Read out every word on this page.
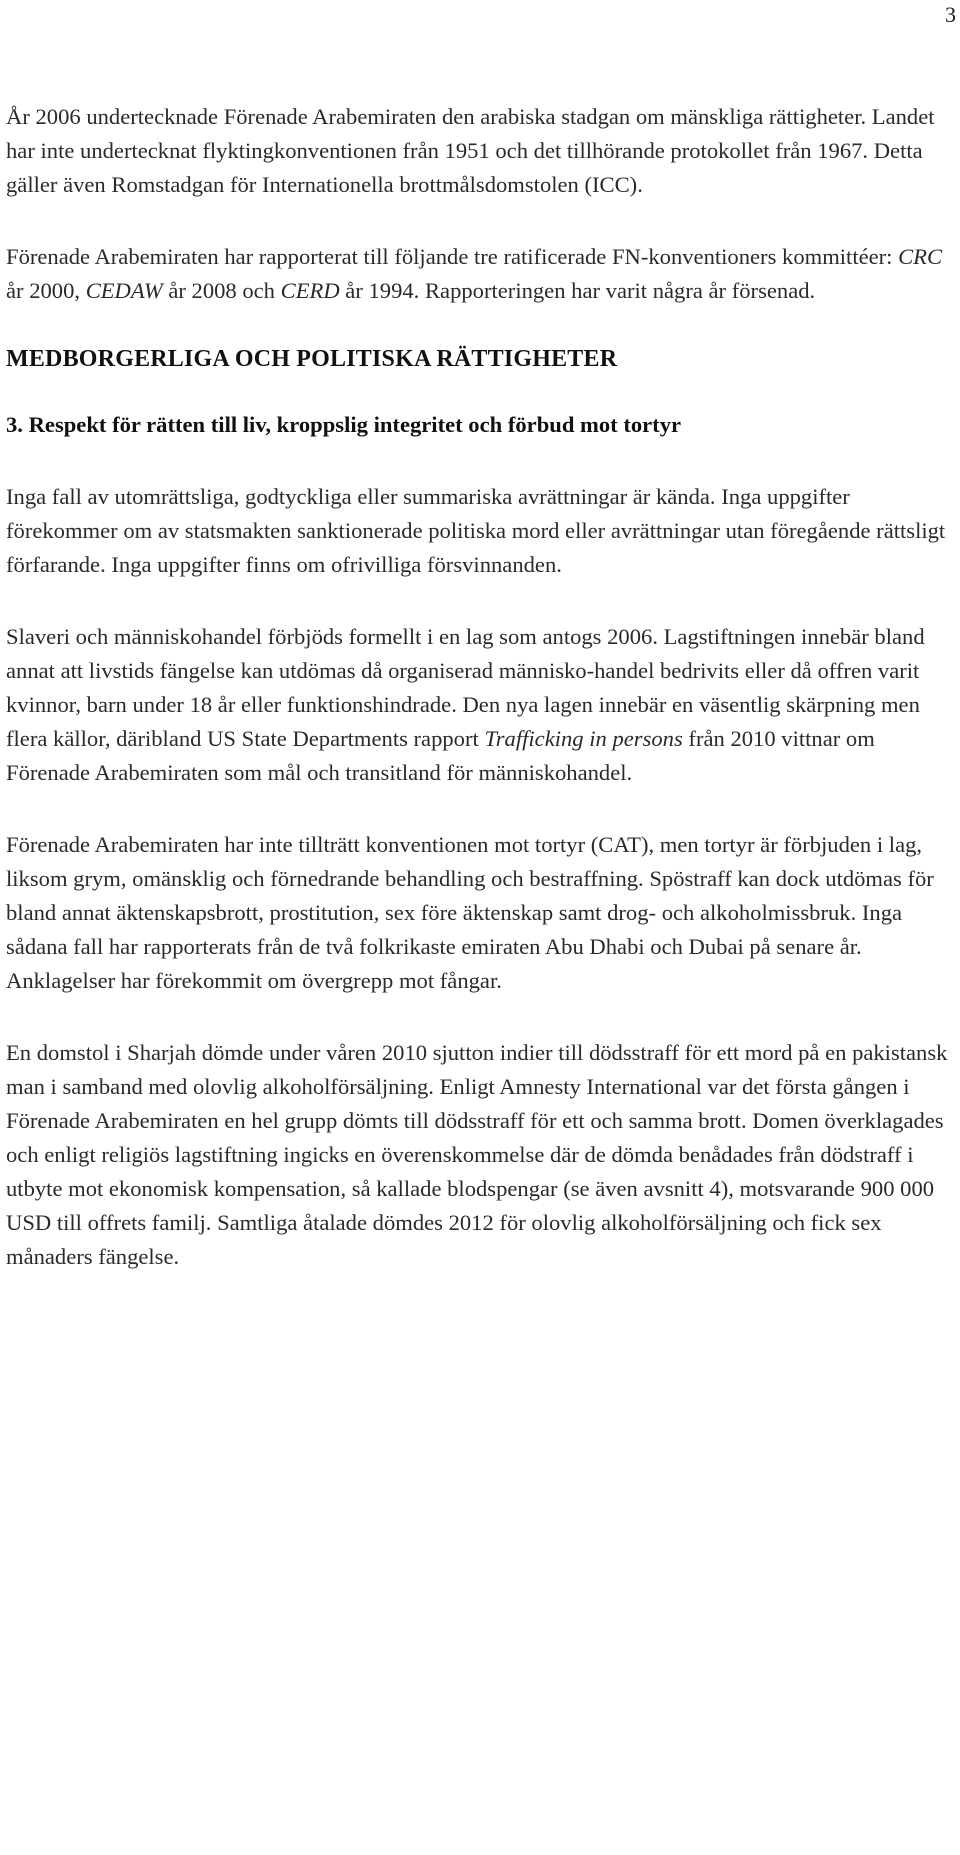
3

År 2006 undertecknade Förenade Arabemiraten den arabiska stadgan om mänskliga rättigheter. Landet har inte undertecknat flyktingkonventionen från 1951 och det tillhörande protokollet från 1967. Detta gäller även Romstadgan för Internationella brottmålsdomstolen (ICC).

Förenade Arabemiraten har rapporterat till följande tre ratificerade FN-konventioners kommittéer: CRC år 2000, CEDAW år 2008 och CERD år 1994. Rapporteringen har varit några år försenad.

MEDBORGERLIGA OCH POLITISKA RÄTTIGHETER
3. Respekt för rätten till liv, kroppslig integritet och förbud mot tortyr

Inga fall av utomrättsliga, godtyckliga eller summariska avrättningar är kända. Inga uppgifter förekommer om av statsmakten sanktionerade politiska mord eller avrättningar utan föregående rättsligt förfarande. Inga uppgifter finns om ofrivilliga försvinnanden.

Slaveri och människohandel förbjöds formellt i en lag som antogs 2006. Lagstiftningen innebär bland annat att livstids fängelse kan utdömas då organiserad människo-handel bedrivits eller då offren varit kvinnor, barn under 18 år eller funktionshindrade. Den nya lagen innebär en väsentlig skärpning men flera källor, däribland US State Departments rapport Trafficking in persons från 2010 vittnar om Förenade Arabemiraten som mål och transitland för människohandel.

Förenade Arabemiraten har inte tillträtt konventionen mot tortyr (CAT), men tortyr är förbjuden i lag, liksom grym, omänsklig och förnedrande behandling och bestraffning. Spöstraff kan dock utdömas för bland annat äktenskapsbrott, prostitution, sex före äktenskap samt drog- och alkoholmissbruk. Inga sådana fall har rapporterats från de två folkrikaste emiraten Abu Dhabi och Dubai på senare år. Anklagelser har förekommit om övergrepp mot fångar.

En domstol i Sharjah dömde under våren 2010 sjutton indier till dödsstraff för ett mord på en pakistansk man i samband med olovlig alkoholförsäljning. Enligt Amnesty International var det första gången i Förenade Arabemiraten en hel grupp dömts till dödsstraff för ett och samma brott. Domen överklagades och enligt religiös lagstiftning ingicks en överenskommelse där de dömda benådades från dödstraff i utbyte mot ekonomisk kompensation, så kallade blodspengar (se även avsnitt 4), motsvarande 900 000 USD till offrets familj. Samtliga åtalade dömdes 2012 för olovlig alkoholförsäljning och fick sex månaders fängelse.
